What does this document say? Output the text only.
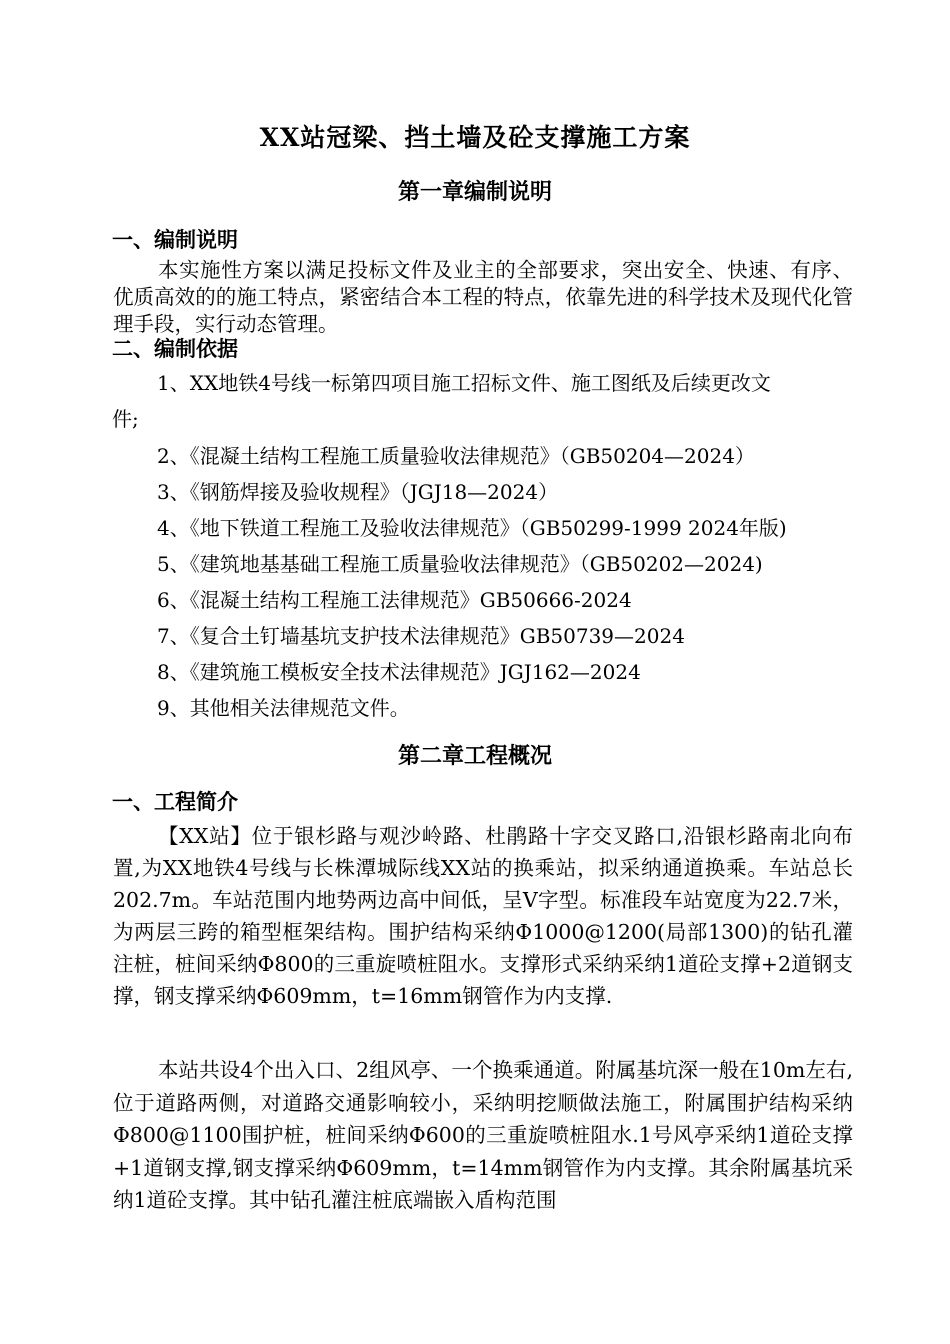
XX站冠梁、挡土墙及砼支撑施工方案
第一章编制说明
一、编制说明
本实施性方案以满足投标文件及业主的全部要求，突出安全、快速、有序、优质高效的的施工特点，紧密结合本工程的特点，依靠先进的科学技术及现代化管理手段，实行动态管理。
二、编制依据
1、XX地铁4号线一标第四项目施工招标文件、施工图纸及后续更改文
件;
2、《混凝土结构工程施工质量验收法律规范》（GB50204—2024）
3、《钢筋焊接及验收规程》（JGJ18—2024）
4、《地下铁道工程施工及验收法律规范》（GB50299-1999 2024年版)
5、《建筑地基基础工程施工质量验收法律规范》（GB50202—2024)
6、《混凝土结构工程施工法律规范》GB50666-2024
7、《复合土钉墙基坑支护技术法律规范》GB50739—2024
8、《建筑施工模板安全技术法律规范》JGJ162—2024
9、其他相关法律规范文件。
第二章工程概况
一、工程简介
【XX站】位于银杉路与观沙岭路、杜鹃路十字交叉路口,沿银杉路南北向布置,为XX地铁4号线与长株潭城际线XX站的换乘站，拟采纳通道换乘。车站总长202.7m。车站范围内地势两边高中间低，呈V字型。标准段车站宽度为22.7米，为两层三跨的箱型框架结构。围护结构采纳Φ1000@1200(局部1300)的钻孔灌注桩，桩间采纳Φ800的三重旋喷桩阻水。支撑形式采纳采纳1道砼支撑+2道钢支撑，钢支撑采纳Φ609mm，t=16mm钢管作为内支撑.
本站共设4个出入口、2组风亭、一个换乘通道。附属基坑深一般在10m左右,位于道路两侧，对道路交通影响较小，采纳明挖顺做法施工，附属围护结构采纳Φ800@1100围护桩，桩间采纳Φ600的三重旋喷桩阻水.1号风亭采纳1道砼支撑+1道钢支撑,钢支撑采纳Φ609mm，t=14mm钢管作为内支撑。其余附属基坑采纳1道砼支撑。其中钻孔灌注桩底端嵌入盾构范围
